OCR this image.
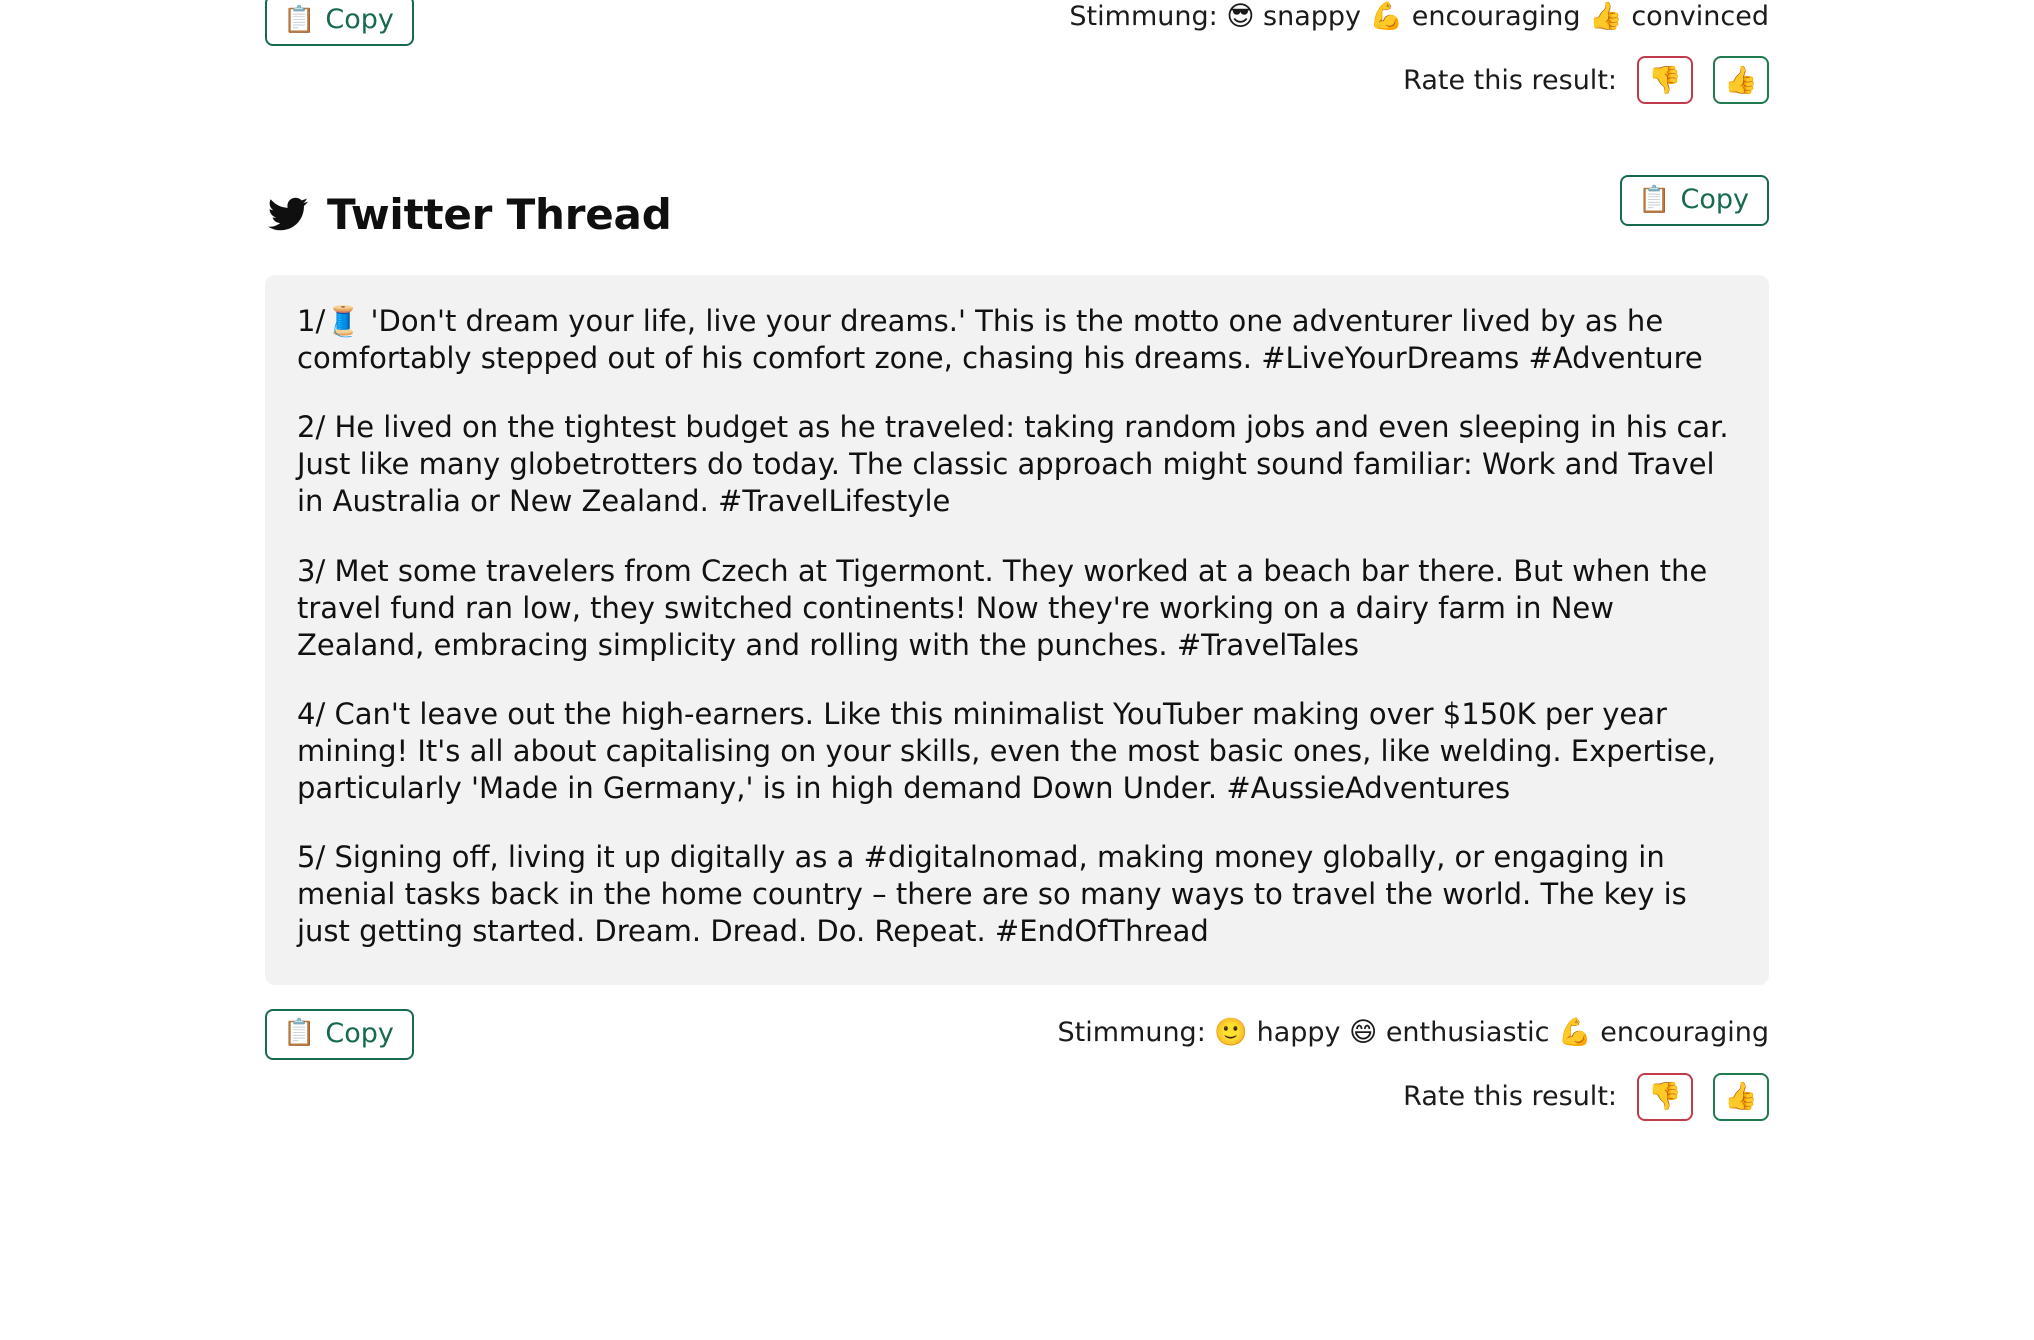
📋 Copy	Stimmung: 😎 snappy 💪 encouraging 👍 convinced
Rate this result: 👎 👍
Twitter Thread	📋 Copy

1/🧵 'Don't dream your life, live your dreams.' This is the motto one adventurer lived by as he comfortably stepped out of his comfort zone, chasing his dreams. #LiveYourDreams #Adventure

2/ He lived on the tightest budget as he traveled: taking random jobs and even sleeping in his car. Just like many globetrotters do today. The classic approach might sound familiar: Work and Travel in Australia or New Zealand. #TravelLifestyle

3/ Met some travelers from Czech at Tigermont. They worked at a beach bar there. But when the travel fund ran low, they switched continents! Now they're working on a dairy farm in New Zealand, embracing simplicity and rolling with the punches. #TravelTales

4/ Can't leave out the high-earners. Like this minimalist YouTuber making over $150K per year mining! It's all about capitalising on your skills, even the most basic ones, like welding. Expertise, particularly 'Made in Germany,' is in high demand Down Under. #AussieAdventures

5/ Signing off, living it up digitally as a #digitalnomad, making money globally, or engaging in menial tasks back in the home country – there are so many ways to travel the world. The key is just getting started. Dream. Dread. Do. Repeat. #EndOfThread

📋 Copy	Stimmung: 🙂 happy 😄 enthusiastic 💪 encouraging
Rate this result: 👎 👍
